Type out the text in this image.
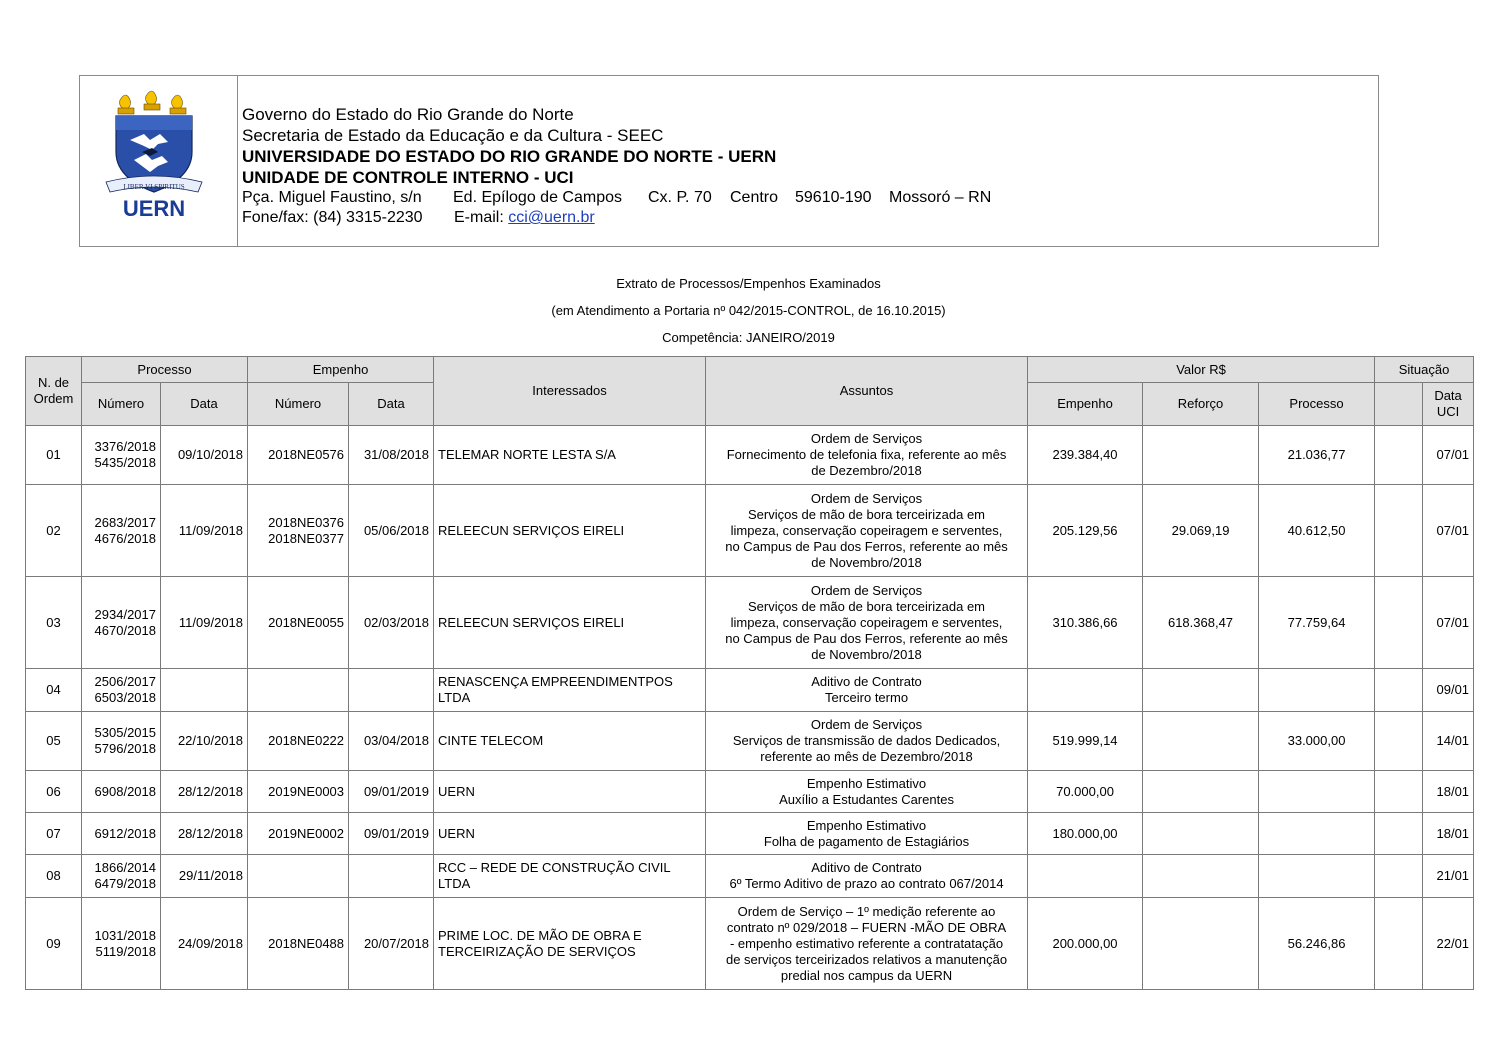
LIBER VI SPIRITUS
UERN
Governo do Estado do Rio Grande do Norte
Secretaria de Estado da Educação e da Cultura - SEEC
UNIVERSIDADE DO ESTADO DO RIO GRANDE DO NORTE - UERN
UNIDADE DE CONTROLE INTERNO - UCI
Pça. Miguel Faustino, s/n Ed. Epílogo de Campos Cx. P. 70 Centro 59610-190 Mossoró – RN
Fone/fax: (84) 3315-2230 E-mail: cci@uern.br
Extrato de Processos/Empenhos Examinados
(em Atendimento a Portaria nº 042/2015-CONTROL, de 16.10.2015)
Competência: JANEIRO/2019
N. de Ordem	Processo		Empenho		Interessados	Assuntos	Valor R$			Situação	
	Número	Data	Número	Data			Empenho	Reforço	Processo		Data UCI
01	3376/2018
5435/2018	09/10/2018	2018NE0576	31/08/2018	TELEMAR NORTE LESTA S/A	Ordem de Serviços
Fornecimento de telefonia fixa, referente ao mês
de Dezembro/2018	239.384,40		21.036,77		07/01
02	2683/2017
4676/2018	11/09/2018	2018NE0376
2018NE0377	05/06/2018	RELEECUN SERVIÇOS EIRELI	Ordem de Serviços
Serviços de mão de bora terceirizada em
limpeza, conservação copeiragem e serventes,
no Campus de Pau dos Ferros, referente ao mês
de Novembro/2018	205.129,56	29.069,19	40.612,50		07/01
03	2934/2017
4670/2018	11/09/2018	2018NE0055	02/03/2018	RELEECUN SERVIÇOS EIRELI	Ordem de Serviços
Serviços de mão de bora terceirizada em
limpeza, conservação copeiragem e serventes,
no Campus de Pau dos Ferros, referente ao mês
de Novembro/2018	310.386,66	618.368,47	77.759,64		07/01
04	2506/2017
6503/2018				RENASCENÇA EMPREENDIMENTPOS LTDA	Aditivo de Contrato
Terceiro termo					09/01
05	5305/2015
5796/2018	22/10/2018	2018NE0222	03/04/2018	CINTE TELECOM	Ordem de Serviços
Serviços de transmissão de dados Dedicados,
referente ao mês de Dezembro/2018	519.999,14		33.000,00		14/01
06	6908/2018	28/12/2018	2019NE0003	09/01/2019	UERN	Empenho Estimativo
Auxílio a Estudantes Carentes	70.000,00				18/01
07	6912/2018	28/12/2018	2019NE0002	09/01/2019	UERN	Empenho Estimativo
Folha de pagamento de Estagiários	180.000,00				18/01
08	1866/2014
6479/2018	29/11/2018			RCC – REDE DE CONSTRUÇÃO CIVIL LTDA	Aditivo de Contrato
6º Termo Aditivo de prazo ao contrato 067/2014					21/01
09	1031/2018
5119/2018	24/09/2018	2018NE0488	20/07/2018	PRIME LOC. DE MÃO DE OBRA E TERCEIRIZAÇÃO DE SERVIÇOS	Ordem de Serviço – 1º medição referente ao
contrato nº 029/2018 – FUERN -MÃO DE OBRA
- empenho estimativo referente a contratatação
de serviços terceirizados relativos a manutenção
predial nos campus da UERN	200.000,00		56.246,86		22/01
